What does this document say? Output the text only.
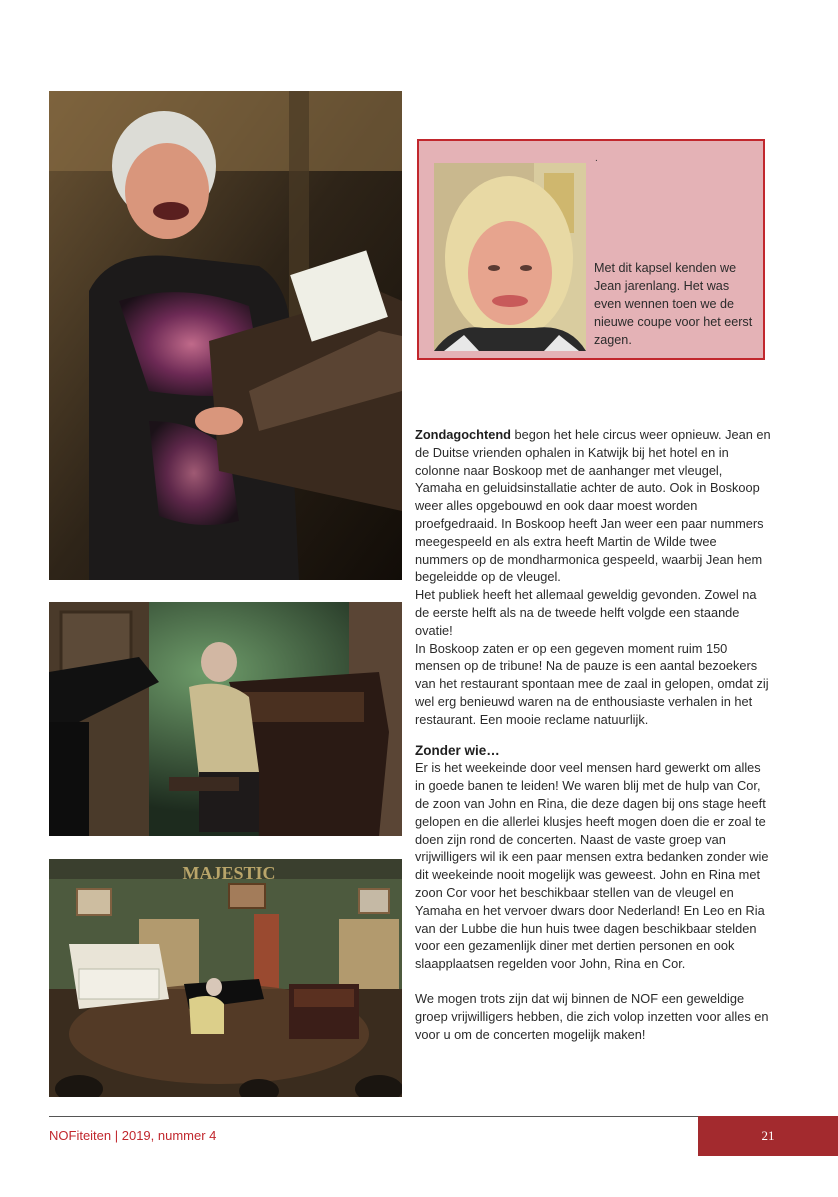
MAJESTIC
.
Met dit kapsel kenden we Jean jarenlang. Het was even wennen toen we de nieuwe coupe voor het eerst zagen.

Zondagochtend begon het hele circus weer opnieuw. Jean en de Duitse vrienden ophalen in Katwijk bij het hotel en in colonne naar Boskoop met de aanhanger met vleugel, Yamaha en geluidsinstallatie achter de auto. Ook in Boskoop weer alles opgebouwd en ook daar moest worden proefgedraaid. In Boskoop heeft Jan weer een paar nummers meegespeeld en als extra heeft Martin de Wilde twee nummers op de mondharmonica gespeeld, waarbij Jean hem begeleidde op de vleugel.

Het publiek heeft het allemaal geweldig gevonden. Zowel na de eerste helft als na de tweede helft volgde een staande ovatie!

In Boskoop zaten er op een gegeven moment ruim 150 mensen op de tribune! Na de pauze is een aantal bezoekers van het restaurant spontaan mee de zaal in gelopen, omdat zij wel erg benieuwd waren na de enthousiaste verhalen in het restaurant. Een mooie reclame natuurlijk.

Zonder wie…

Er is het weekeinde door veel mensen hard gewerkt om alles in goede banen te leiden! We waren blij met de hulp van Cor, de zoon van John en Rina, die deze dagen bij ons stage heeft gelopen en die allerlei klusjes heeft mogen doen die er zoal te doen zijn rond de concerten. Naast de vaste groep van vrijwilligers wil ik een paar mensen extra bedanken zonder wie dit weekeinde nooit mogelijk was geweest. John en Rina met zoon Cor voor het beschikbaar stellen van de vleugel en Yamaha en het vervoer dwars door Nederland! En Leo en Ria van der Lubbe die hun huis twee dagen beschikbaar stelden voor een gezamenlijk diner met dertien personen en ook slaapplaatsen regelden voor John, Rina en Cor.

We mogen trots zijn dat wij binnen de NOF een geweldige groep vrijwilligers hebben, die zich volop inzetten voor alles en voor u om de concerten mogelijk maken!

NOFiteiten | 2019, nummer 4	21
